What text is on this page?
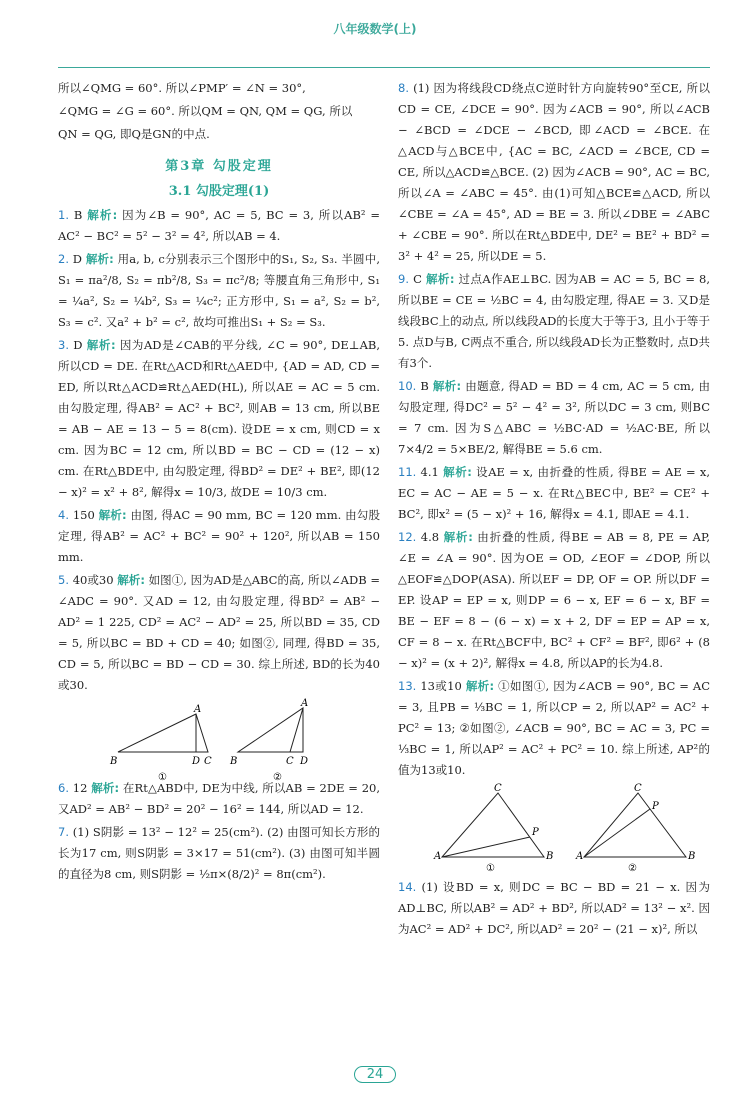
八年级数学(上)

所以∠QMG = 60°. 所以∠PMP′ = ∠N = 30°,

∠QMG = ∠G = 60°. 所以QM = QN, QM = QG, 所以

QN = QG, 即Q是GN的中点.

第3章 勾股定理
3.1 勾股定理(1)

1. B 解析: 因为∠B = 90°, AC = 5, BC = 3, 所以AB² = AC² − BC² = 5² − 3² = 4², 所以AB = 4.

2. D 解析: 用a, b, c分别表示三个图形中的S₁, S₂, S₃. 半圆中, S₁ = πa²/8, S₂ = πb²/8, S₃ = πc²/8; 等腰直角三角形中, S₁ = ¼a², S₂ = ¼b², S₃ = ¼c²; 正方形中, S₁ = a², S₂ = b², S₃ = c². 又a² + b² = c², 故均可推出S₁ + S₂ = S₃.

3. D 解析: 因为AD是∠CAB的平分线, ∠C = 90°, DE⊥AB, 所以CD = DE. 在Rt△ACD和Rt△AED中, {AD = AD, CD = ED, 所以Rt△ACD≌Rt△AED(HL), 所以AE = AC = 5 cm. 由勾股定理, 得AB² = AC² + BC², 则AB = 13 cm, 所以BE = AB − AE = 13 − 5 = 8(cm). 设DE = x cm, 则CD = x cm. 因为BC = 12 cm, 所以BD = BC − CD = (12 − x) cm. 在Rt△BDE中, 由勾股定理, 得BD² = DE² + BE², 即(12 − x)² = x² + 8², 解得x = 10/3, 故DE = 10/3 cm.

4. 150 解析: 由图, 得AC = 90 mm, BC = 120 mm. 由勾股定理, 得AB² = AC² + BC² = 90² + 120², 所以AB = 150 mm.

5. 40或30 解析: 如图①, 因为AD是△ABC的高, 所以∠ADB = ∠ADC = 90°. 又AD = 12, 由勾股定理, 得BD² = AB² − AD² = 1 225, CD² = AC² − AD² = 25, 所以BD = 35, CD = 5, 所以BC = BD + CD = 40; 如图②, 同理, 得BD = 35, CD = 5, 所以BC = BD − CD = 30. 综上所述, BD的长为40或30.

B	D C
A
①
B	C D
A
②

6. 12 解析: 在Rt△ABD中, DE为中线, 所以AB = 2DE = 20, 又AD² = AB² − BD² = 20² − 16² = 144, 所以AD = 12.

7. (1) S阴影 = 13² − 12² = 25(cm²). (2) 由图可知长方形的长为17 cm, 则S阴影 = 3×17 = 51(cm²). (3) 由图可知半圆的直径为8 cm, 则S阴影 = ½π×(8/2)² = 8π(cm²).

8. (1) 因为将线段CD绕点C逆时针方向旋转90°至CE, 所以CD = CE, ∠DCE = 90°. 因为∠ACB = 90°, 所以∠ACB − ∠BCD = ∠DCE − ∠BCD, 即∠ACD = ∠BCE. 在△ACD与△BCE中, {AC = BC, ∠ACD = ∠BCE, CD = CE, 所以△ACD≌△BCE. (2) 因为∠ACB = 90°, AC = BC, 所以∠A = ∠ABC = 45°. 由(1)可知△BCE≌△ACD, 所以∠CBE = ∠A = 45°, AD = BE = 3. 所以∠DBE = ∠ABC + ∠CBE = 90°. 所以在Rt△BDE中, DE² = BE² + BD² = 3² + 4² = 25, 所以DE = 5.

9. C 解析: 过点A作AE⊥BC. 因为AB = AC = 5, BC = 8, 所以BE = CE = ½BC = 4, 由勾股定理, 得AE = 3. 又D是线段BC上的动点, 所以线段AD的长度大于等于3, 且小于等于5. 点D与B, C两点不重合, 所以线段AD长为正整数时, 点D共有3个.

10. B 解析: 由题意, 得AD = BD = 4 cm, AC = 5 cm, 由勾股定理, 得DC² = 5² − 4² = 3², 所以DC = 3 cm, 则BC = 7 cm. 因为S△ABC = ½BC·AD = ½AC·BE, 所以7×4/2 = 5×BE/2, 解得BE = 5.6 cm.

11. 4.1 解析: 设AE = x, 由折叠的性质, 得BE = AE = x, EC = AC − AE = 5 − x. 在Rt△BEC中, BE² = CE² + BC², 即x² = (5 − x)² + 16, 解得x = 4.1, 即AE = 4.1.

12. 4.8 解析: 由折叠的性质, 得BE = AB = 8, PE = AP, ∠E = ∠A = 90°. 因为OE = OD, ∠EOF = ∠DOP, 所以△EOF≌△DOP(ASA). 所以EF = DP, OF = OP. 所以DF = EP. 设AP = EP = x, 则DP = 6 − x, EF = 6 − x, BF = BE − EF = 8 − (6 − x) = x + 2, DF = EP = AP = x, CF = 8 − x. 在Rt△BCF中, BC² + CF² = BF², 即6² + (8 − x)² = (x + 2)², 解得x = 4.8, 所以AP的长为4.8.

13. 13或10 解析: ①如图①, 因为∠ACB = 90°, BC = AC = 3, 且PB = ⅓BC = 1, 所以CP = 2, 所以AP² = AC² + PC² = 13; ②如图②, ∠ACB = 90°, BC = AC = 3, PC = ⅓BC = 1, 所以AP² = AC² + PC² = 10. 综上所述, AP²的值为13或10.

A	B
C
P
①
A	B
C
P
②

14. (1) 设BD = x, 则DC = BC − BD = 21 − x. 因为AD⊥BC, 所以AB² = AD² + BD², 所以AD² = 13² − x². 因为AC² = AD² + DC², 所以AD² = 20² − (21 − x)², 所以

24
